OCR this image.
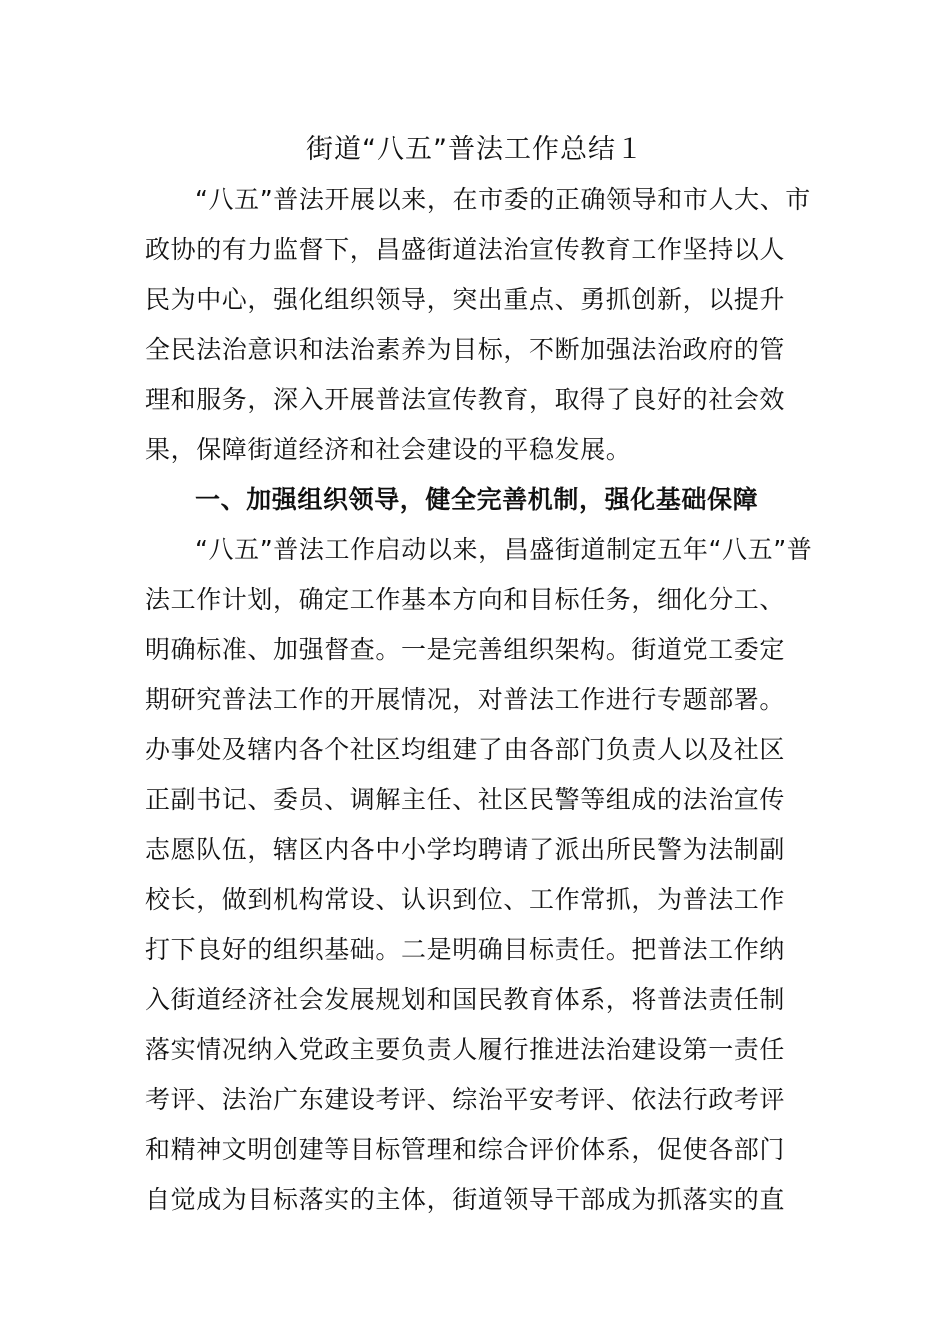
街道“八五”普法工作总结１
“八五”普法开展以来，在市委的正确领导和市人大、市
政协的有力监督下，昌盛街道法治宣传教育工作坚持以人
民为中心，强化组织领导，突出重点、勇抓创新，以提升
全民法治意识和法治素养为目标，不断加强法治政府的管
理和服务，深入开展普法宣传教育，取得了良好的社会效
果，保障街道经济和社会建设的平稳发展。
一、加强组织领导，健全完善机制，强化基础保障
“八五”普法工作启动以来，昌盛街道制定五年“八五”普
法工作计划，确定工作基本方向和目标任务，细化分工、
明确标准、加强督查。一是完善组织架构。街道党工委定
期研究普法工作的开展情况，对普法工作进行专题部署。
办事处及辖内各个社区均组建了由各部门负责人以及社区
正副书记、委员、调解主任、社区民警等组成的法治宣传
志愿队伍，辖区内各中小学均聘请了派出所民警为法制副
校长，做到机构常设、认识到位、工作常抓，为普法工作
打下良好的组织基础。二是明确目标责任。把普法工作纳
入街道经济社会发展规划和国民教育体系，将普法责任制
落实情况纳入党政主要负责人履行推进法治建设第一责任
考评、法治广东建设考评、综治平安考评、依法行政考评
和精神文明创建等目标管理和综合评价体系，促使各部门
自觉成为目标落实的主体，街道领导干部成为抓落实的直
